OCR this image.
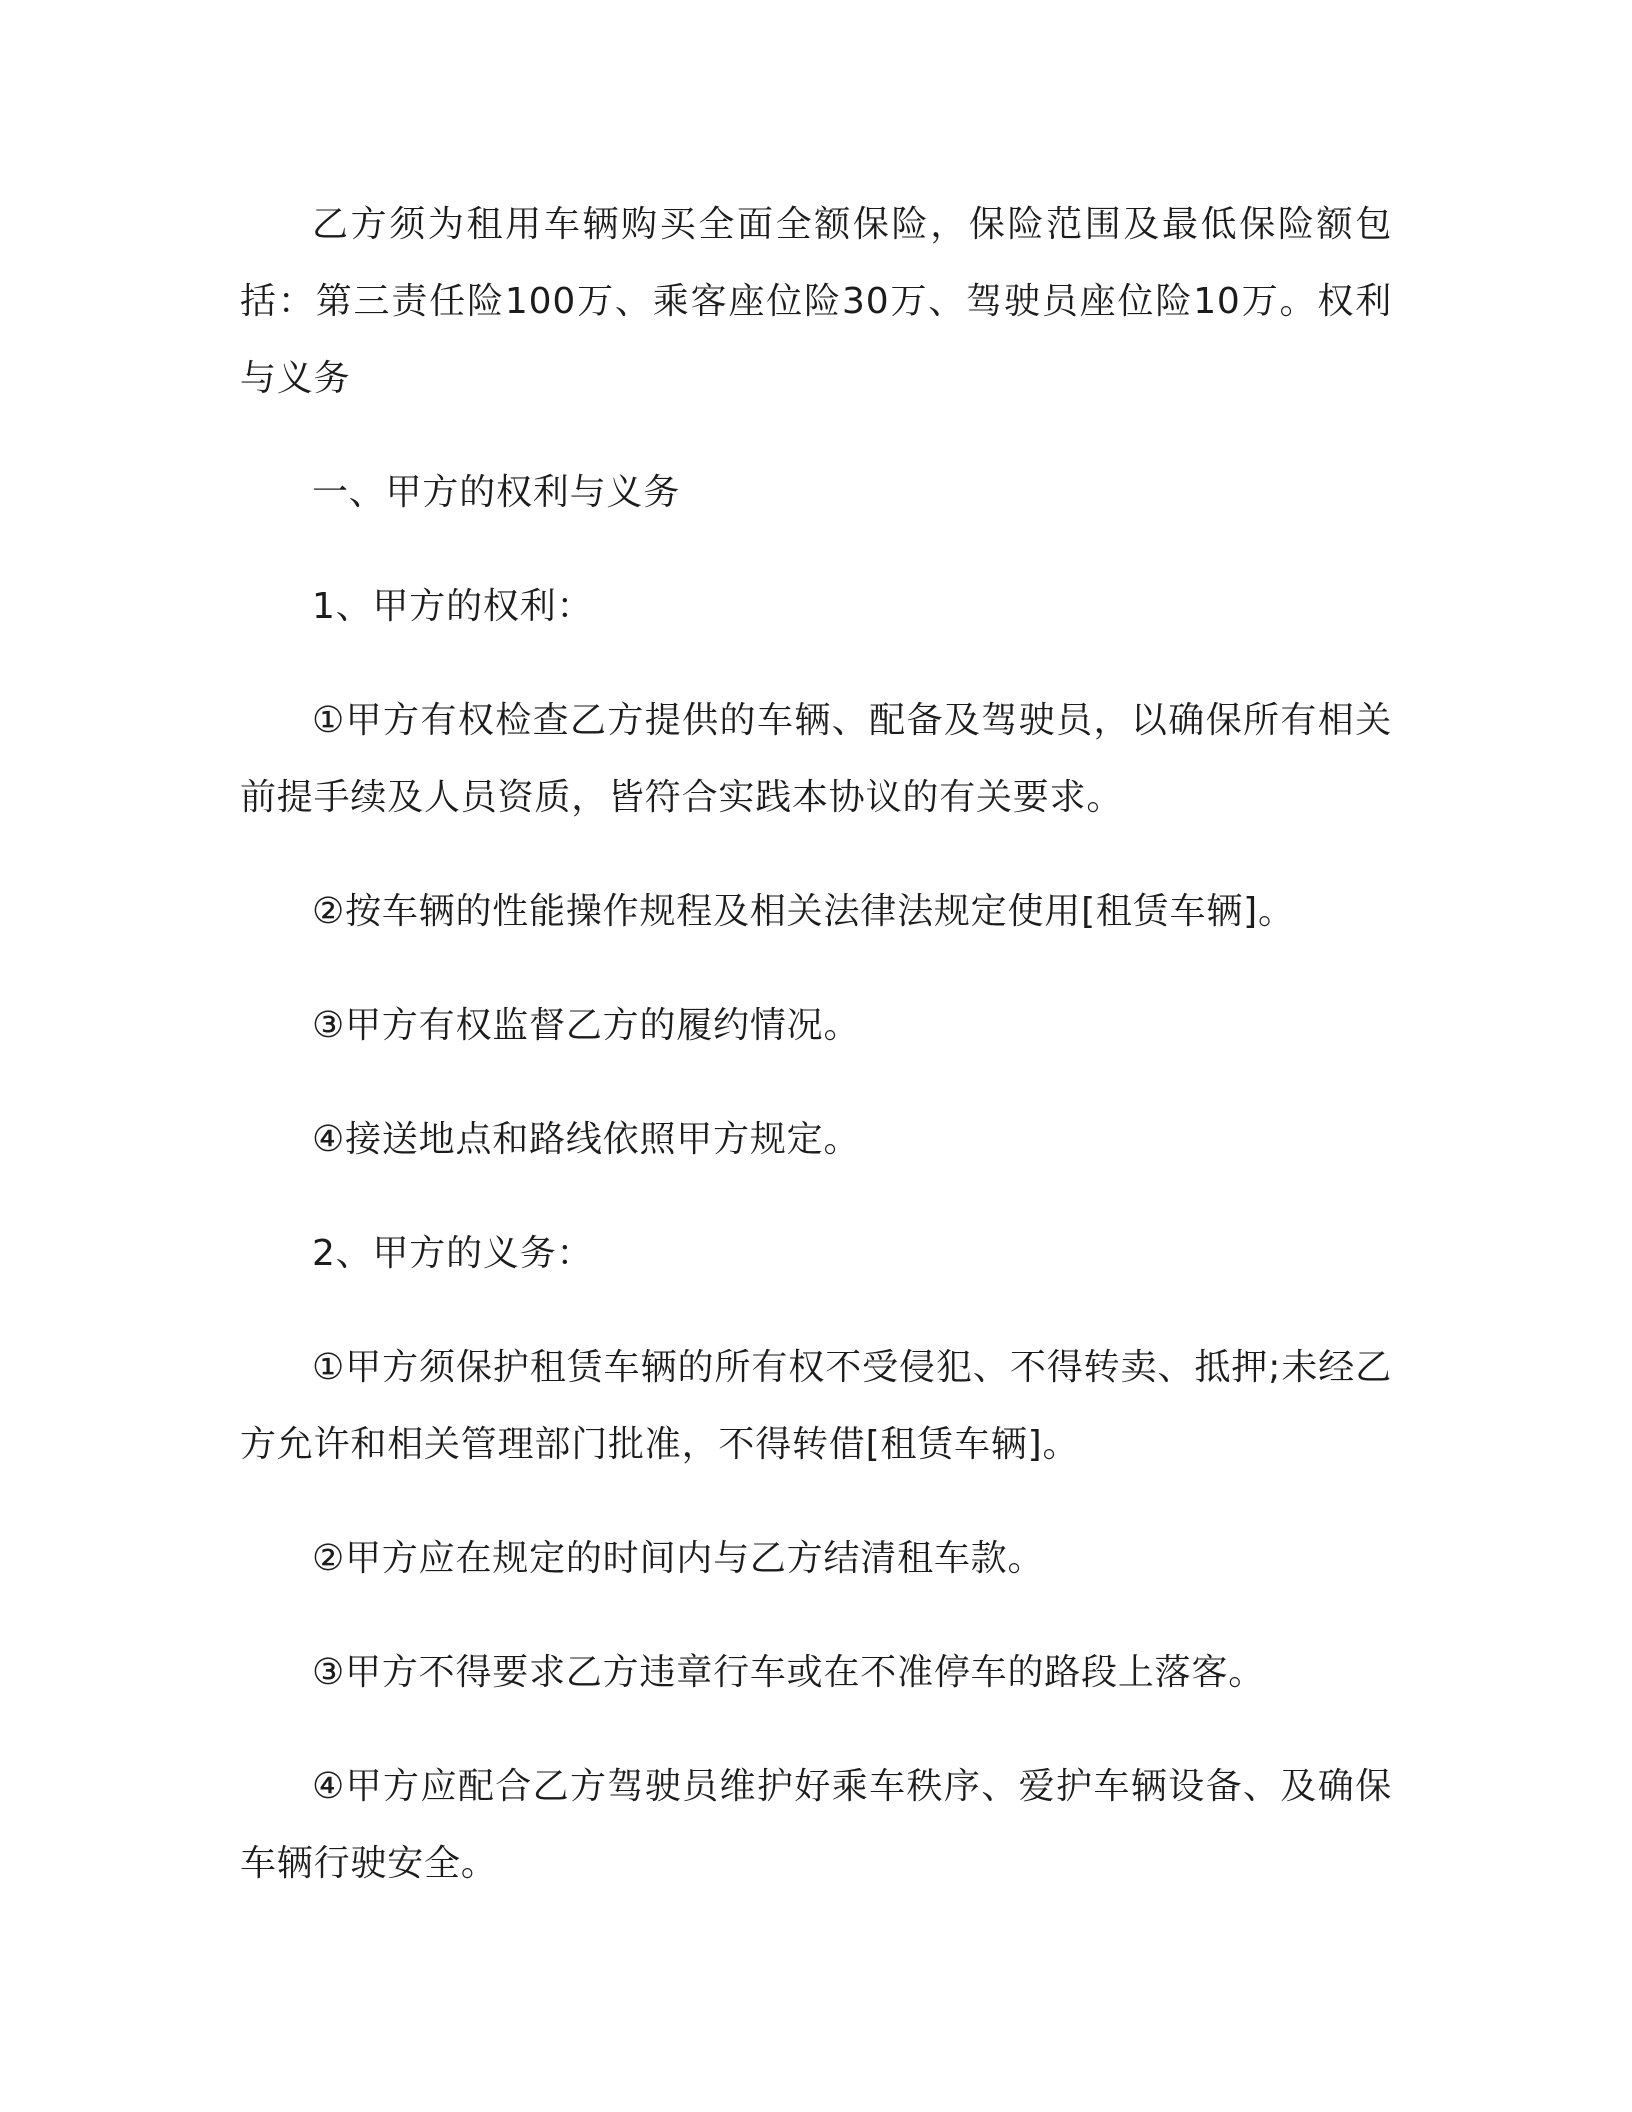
乙方须为租用车辆购买全面全额保险，保险范围及最低保险额包括：第三责任险100万、乘客座位险30万、驾驶员座位险10万。权利与义务

一、甲方的权利与义务

1、甲方的权利：

①甲方有权检查乙方提供的车辆、配备及驾驶员，以确保所有相关前提手续及人员资质，皆符合实践本协议的有关要求。

②按车辆的性能操作规程及相关法律法规定使用[租赁车辆]。

③甲方有权监督乙方的履约情况。

④接送地点和路线依照甲方规定。

2、甲方的义务：

①甲方须保护租赁车辆的所有权不受侵犯、不得转卖、抵押;未经乙方允许和相关管理部门批准，不得转借[租赁车辆]。

②甲方应在规定的时间内与乙方结清租车款。

③甲方不得要求乙方违章行车或在不准停车的路段上落客。

④甲方应配合乙方驾驶员维护好乘车秩序、爱护车辆设备、及确保车辆行驶安全。
